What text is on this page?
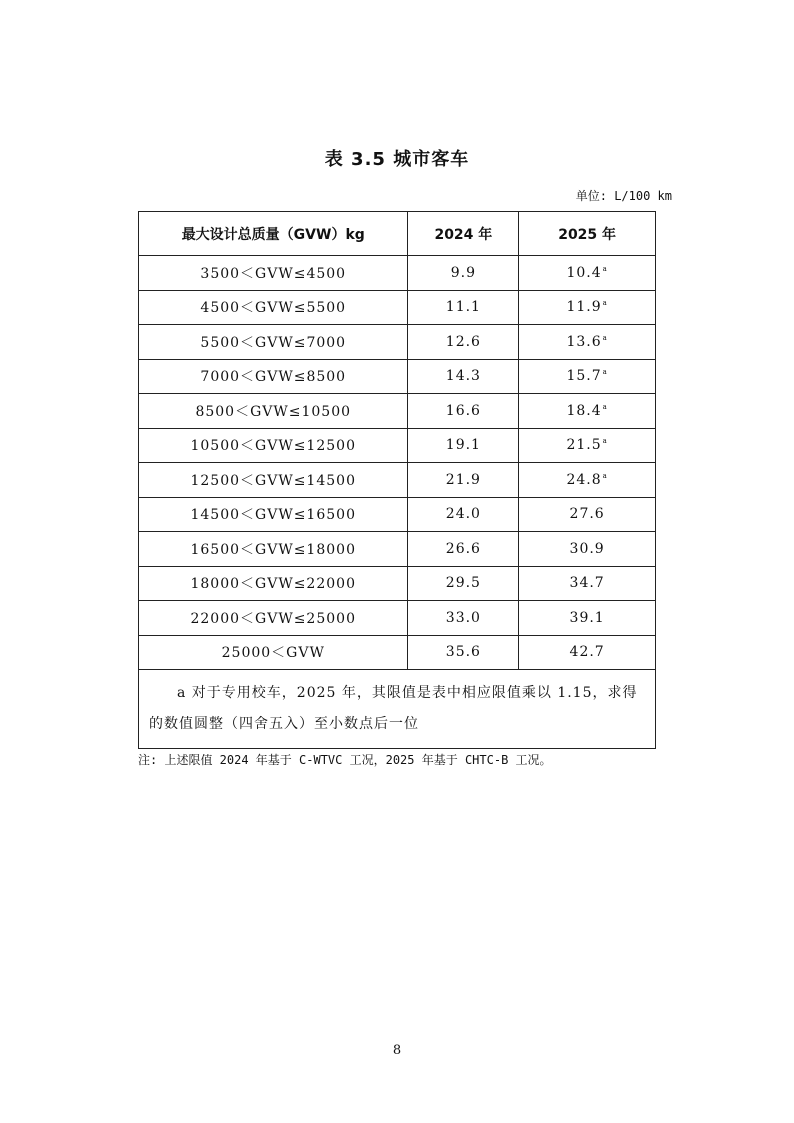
表 3.5 城市客车
单位: L/100 km
最大设计总质量（GVW）kg	2024 年	2025 年
3500＜GVW≤4500	9.9	10.4$^a$
4500＜GVW≤5500	11.1	11.9$^a$
5500＜GVW≤7000	12.6	13.6$^a$
7000＜GVW≤8500	14.3	15.7$^a$
8500＜GVW≤10500	16.6	18.4$^a$
10500＜GVW≤12500	19.1	21.5$^a$
12500＜GVW≤14500	21.9	24.8$^a$
14500＜GVW≤16500	24.0	27.6
16500＜GVW≤18000	26.6	30.9
18000＜GVW≤22000	29.5	34.7
22000＜GVW≤25000	33.0	39.1
25000＜GVW	35.6	42.7
a 对于专用校车，2025 年，其限值是表中相应限值乘以 1.15，求得
的数值圆整（四舍五入）至小数点后一位		
注: 上述限值 2024 年基于 C-WTVC 工况，2025 年基于 CHTC-B 工况。
8
